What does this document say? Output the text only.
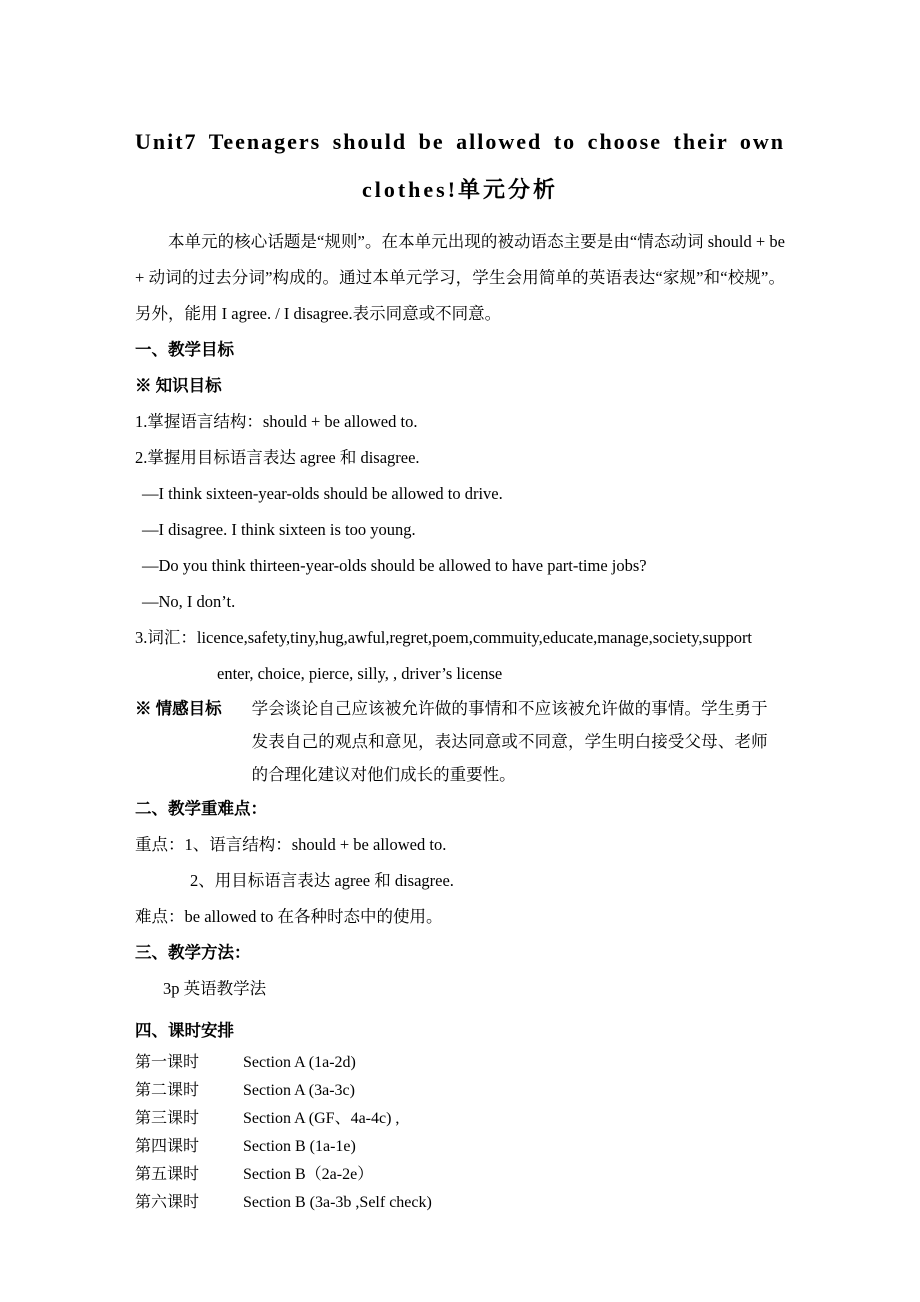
Unit7 Teenagers should be allowed to choose their own
clothes!单元分析
本单元的核心话题是“规则”。在本单元出现的被动语态主要是由“情态动词 should + be + 动词的过去分词”构成的。通过本单元学习，学生会用简单的英语表达“家规”和“校规”。另外，能用 I agree. / I disagree.表示同意或不同意。
一、教学目标
※ 知识目标
1.掌握语言结构：should + be allowed to.
2.掌握用目标语言表达 agree 和 disagree.
—I think sixteen-year-olds should be allowed to drive.
—I disagree. I think sixteen is too young.
—Do you think thirteen-year-olds should be allowed to have part-time jobs?
—No, I don’t.
3.词汇：licence,safety,tiny,hug,awful,regret,poem,commuity,educate,manage,society,support
enter, choice, pierce, silly, , driver’s license
※ 情感目标 学会谈论自己应该被允许做的事情和不应该被允许做的事情。学生勇于发表自己的观点和意见，表达同意或不同意，学生明白接受父母、老师的合理化建议对他们成长的重要性。
二、教学重难点：
重点：1、语言结构：should + be allowed to.
2、用目标语言表达 agree 和 disagree.
难点：be allowed to 在各种时态中的使用。
三、教学方法：
3p 英语教学法
四、课时安排
第一课时	Section A (1a-2d)
第二课时	Section A (3a-3c)
第三课时	Section A (GF、4a-4c) ,
第四课时	Section B (1a-1e)
第五课时	Section B（2a-2e）
第六课时	Section B (3a-3b ,Self check)
